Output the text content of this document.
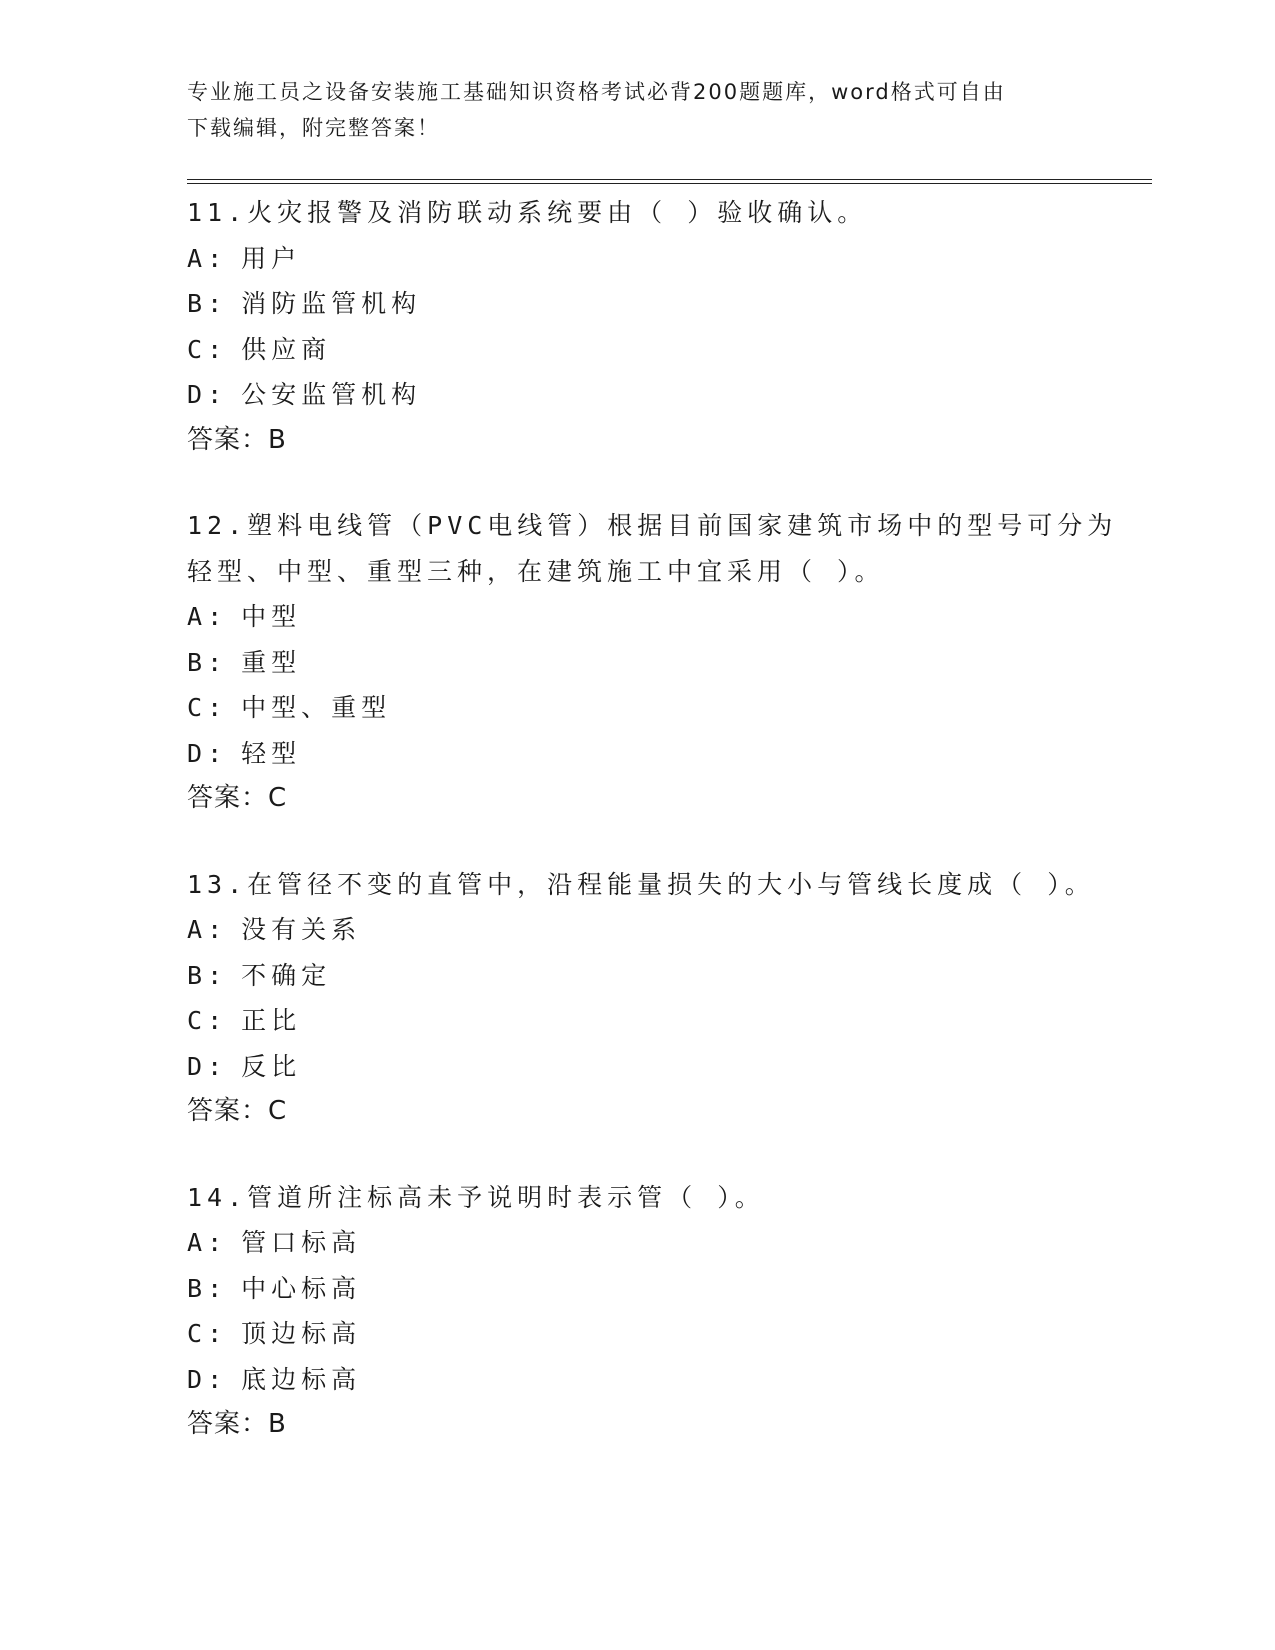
专业施工员之设备安装施工基础知识资格考试必背200题题库，word格式可自由
下载编辑，附完整答案！
11.火灾报警及消防联动系统要由（ ）验收确认。
A : 用户
B : 消防监管机构
C : 供应商
D : 公安监管机构
答案：B
12.塑料电线管（PVC电线管）根据目前国家建筑市场中的型号可分为
轻型、中型、重型三种，在建筑施工中宜采用（ ）。
A : 中型
B : 重型
C : 中型、重型
D : 轻型
答案：C
13.在管径不变的直管中，沿程能量损失的大小与管线长度成（ ）。
A : 没有关系
B : 不确定
C : 正比
D : 反比
答案：C
14.管道所注标高未予说明时表示管（ ）。
A : 管口标高
B : 中心标高
C : 顶边标高
D : 底边标高
答案：B
